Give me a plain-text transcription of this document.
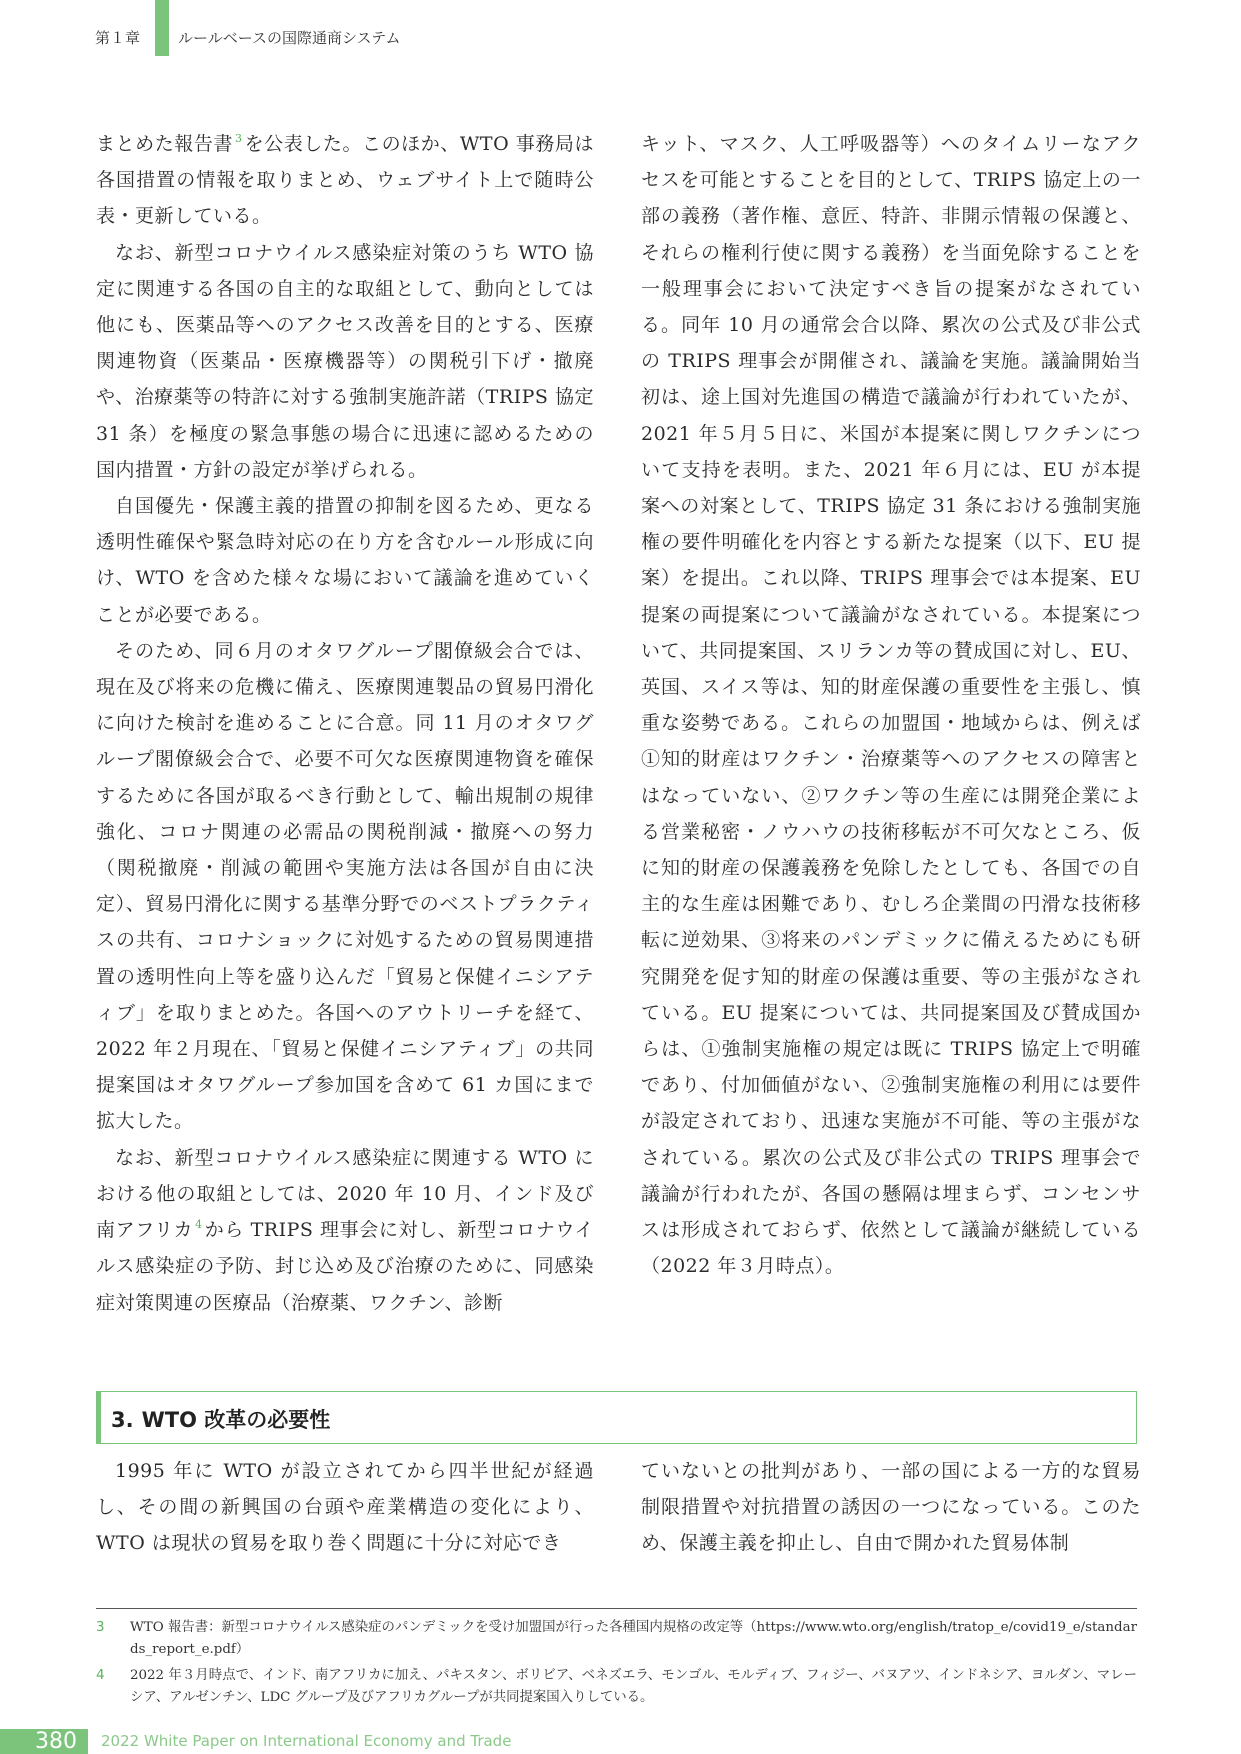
第１章	ルールベースの国際通商システム

まとめた報告書 $^3$ を公表した。このほか、WTO 事務局は各国措置の情報を取りまとめ、ウェブサイト上で随時公表・更新している。

なお、新型コロナウイルス感染症対策のうち WTO 協定に関連する各国の自主的な取組として、動向としては他にも、医薬品等へのアクセス改善を目的とする、医療関連物資（医薬品・医療機器等）の関税引下げ・撤廃や、治療薬等の特許に対する強制実施許諾（TRIPS 協定 31 条）を極度の緊急事態の場合に迅速に認めるための国内措置・方針の設定が挙げられる。

自国優先・保護主義的措置の抑制を図るため、更なる透明性確保や緊急時対応の在り方を含むルール形成に向け、WTO を含めた様々な場において議論を進めていくことが必要である。

そのため、同６月のオタワグループ閣僚級会合では、現在及び将来の危機に備え、医療関連製品の貿易円滑化に向けた検討を進めることに合意。同 11 月のオタワグループ閣僚級会合で、必要不可欠な医療関連物資を確保するために各国が取るべき行動として、輸出規制の規律強化、コロナ関連の必需品の関税削減・撤廃への努力（関税撤廃・削減の範囲や実施方法は各国が自由に決定）、貿易円滑化に関する基準分野でのベストプラクティスの共有、コロナショックに対処するための貿易関連措置の透明性向上等を盛り込んだ「貿易と保健イニシアティブ」を取りまとめた。各国へのアウトリーチを経て、2022 年２月現在、「貿易と保健イニシアティブ」の共同提案国はオタワグループ参加国を含めて 61 カ国にまで拡大した。

なお、新型コロナウイルス感染症に関連する WTO における他の取組としては、2020 年 10 月、インド及び南アフリカ $^4$ から TRIPS 理事会に対し、新型コロナウイルス感染症の予防、封じ込め及び治療のために、同感染症対策関連の医療品（治療薬、ワクチン、診断

キット、マスク、人工呼吸器等）へのタイムリーなアクセスを可能とすることを目的として、TRIPS 協定上の一部の義務（著作権、意匠、特許、非開示情報の保護と、それらの権利行使に関する義務）を当面免除することを一般理事会において決定すべき旨の提案がなされている。同年 10 月の通常会合以降、累次の公式及び非公式の TRIPS 理事会が開催され、議論を実施。議論開始当初は、途上国対先進国の構造で議論が行われていたが、2021 年５月５日に、米国が本提案に関しワクチンについて支持を表明。また、2021 年６月には、EU が本提案への対案として、TRIPS 協定 31 条における強制実施権の要件明確化を内容とする新たな提案（以下、EU 提案）を提出。これ以降、TRIPS 理事会では本提案、EU 提案の両提案について議論がなされている。本提案について、共同提案国、スリランカ等の賛成国に対し、EU、英国、スイス等は、知的財産保護の重要性を主張し、慎重な姿勢である。これらの加盟国・地域からは、例えば①知的財産はワクチン・治療薬等へのアクセスの障害とはなっていない、②ワクチン等の生産には開発企業による営業秘密・ノウハウの技術移転が不可欠なところ、仮に知的財産の保護義務を免除したとしても、各国での自主的な生産は困難であり、むしろ企業間の円滑な技術移転に逆効果、③将来のパンデミックに備えるためにも研究開発を促す知的財産の保護は重要、等の主張がなされている。EU 提案については、共同提案国及び賛成国からは、①強制実施権の規定は既に TRIPS 協定上で明確であり、付加価値がない、②強制実施権の利用には要件が設定されており、迅速な実施が不可能、等の主張がなされている。累次の公式及び非公式の TRIPS 理事会で議論が行われたが、各国の懸隔は埋まらず、コンセンサスは形成されておらず、依然として議論が継続している（2022 年３月時点）。

3. WTO 改革の必要性

1995 年に WTO が設立されてから四半世紀が経過し、その間の新興国の台頭や産業構造の変化により、WTO は現状の貿易を取り巻く問題に十分に対応でき

ていないとの批判があり、一部の国による一方的な貿易制限措置や対抗措置の誘因の一つになっている。このため、保護主義を抑止し、自由で開かれた貿易体制

3 WTO 報告書：新型コロナウイルス感染症のパンデミックを受け加盟国が行った各種国内規格の改定等（https://www.wto.org/english/tratop_e/covid19_e/standards_report_e.pdf）
4 2022 年３月時点で、インド、南アフリカに加え、パキスタン、ボリビア、ベネズエラ、モンゴル、モルディブ、フィジー、バヌアツ、インドネシア、ヨルダン、マレーシア、アルゼンチン、LDC グループ及びアフリカグループが共同提案国入りしている。
380 2022 White Paper on International Economy and Trade
